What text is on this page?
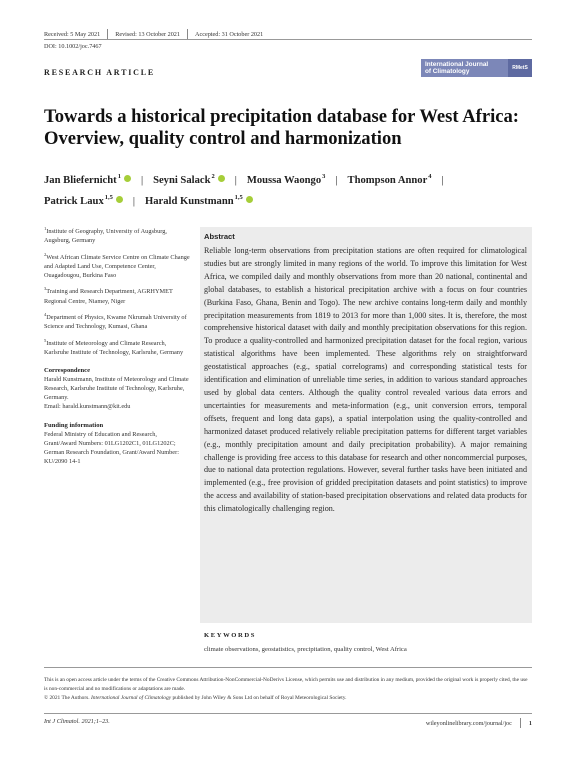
Received: 5 May 2021 Revised: 13 October 2021 Accepted: 31 October 2021
DOI: 10.1002/joc.7467
RESEARCH ARTICLE
International Journal
of Climatology	RMetS
Towards a historical precipitation database for West Africa: Overview, quality control and harmonization
Jan Bliefernicht$^1$ | Seyni Salack$^2$ | Moussa Waongo$^3$ | Thompson Annor$^4$ |
Patrick Laux$^{1,5}$ | Harald Kunstmann$^{1,5}$
$^1$Institute of Geography, University of Augsburg, Augsburg, Germany
$^2$West African Climate Service Centre on Climate Change and Adapted Land Use, Competence Center, Ouagadougou, Burkina Faso
$^3$Training and Research Department, AGRHYMET Regional Centre, Niamey, Niger
$^4$Department of Physics, Kwame Nkrumah University of Science and Technology, Kumasi, Ghana
$^5$Institute of Meteorology and Climate Research, Karlsruhe Institute of Technology, Karlsruhe, Germany
Correspondence
Harald Kunstmann, Institute of Meteorology and Climate Research, Karlsruhe Institute of Technology, Karlsruhe, Germany.
Email: harald.kunstmann@kit.edu
Funding information
Federal Ministry of Education and Research, Grant/Award Numbers: 01LG1202C1, 01LG1202C; German Research Foundation, Grant/Award Number: KU/2090 14-1
Abstract

Reliable long-term observations from precipitation stations are often required for climatological studies but are strongly limited in many regions of the world. To improve this limitation for West Africa, we compiled daily and monthly observations from more than 20 national, continental and global databases, to establish a historical precipitation archive with a focus on four countries (Burkina Faso, Ghana, Benin and Togo). The new archive contains long-term daily and monthly precipitation measurements from 1819 to 2013 for more than 1,000 sites. It is, therefore, the most comprehensive historical dataset with daily and monthly precipitation observations for this region. To produce a quality-controlled and harmonized precipitation dataset for the focal region, various statistical algorithms have been implemented. These algorithms rely on straightforward geostatistical approaches (e.g., spatial correlograms) and corresponding statistical tests for identification and elimination of unreliable time series, in addition to various standard approaches used by global data centers. Although the quality control revealed various data errors and uncertainties for measurements and meta-information (e.g., unit conversion errors, temporal offsets, frequent and long data gaps), a spatial interpolation using the quality-controlled and harmonized dataset produced relatively reliable precipitation patterns for different target variables (e.g., monthly precipitation amount and daily precipitation probability). A major remaining challenge is providing free access to this database for research and other noncommercial purposes, due to national data protection regulations. However, several further tasks have been initiated and implemented (e.g., free provision of gridded precipitation datasets and point statistics) to improve the access and availability of station-based precipitation observations and related data products for this climatologically challenging region.

KEYWORDS
climate observations, geostatistics, precipitation, quality control, West Africa
This is an open access article under the terms of the Creative Commons Attribution-NonCommercial-NoDerivs License, which permits use and distribution in any medium, provided the original work is properly cited, the use is non-commercial and no modifications or adaptations are made.
© 2021 The Authors. International Journal of Climatology published by John Wiley & Sons Ltd on behalf of Royal Meteorological Society.
Int J Climatol. 2021;1–23.	wileyonlinelibrary.com/journal/joc	1
